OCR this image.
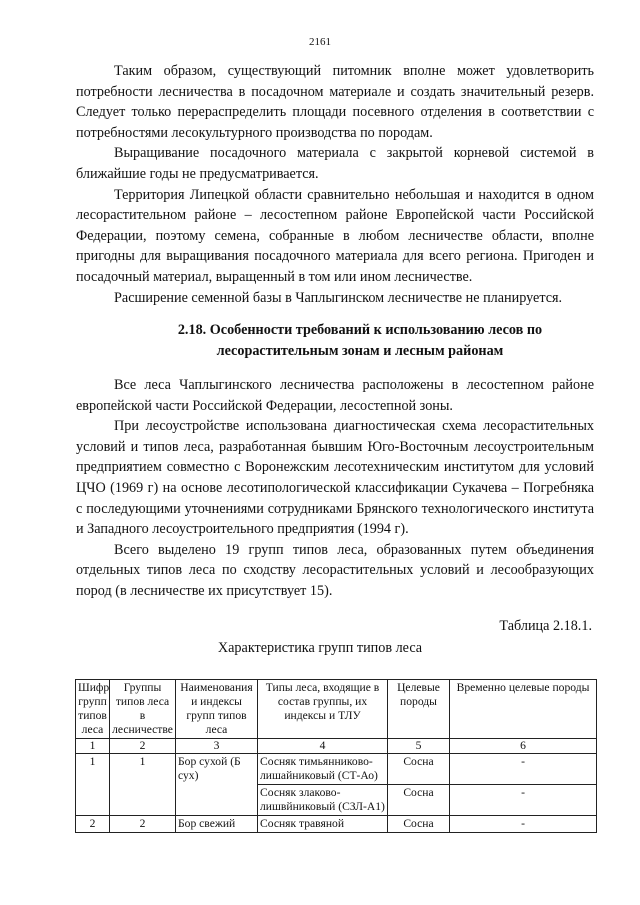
2161

Таким образом, существующий питомник вполне может удовлетворить потребности лесничества в посадочном материале и создать значительный резерв. Следует только перераспределить площади посевного отделения в соответствии с потребностями лесокультурного производства по породам.

Выращивание посадочного материала с закрытой корневой системой в ближайшие годы не предусматривается.

Территория Липецкой области сравнительно небольшая и находится в одном лесорастительном районе – лесостепном районе Европейской части Российской Федерации, поэтому семена, собранные в любом лесничестве области, вполне пригодны для выращивания посадочного материала для всего региона. Пригоден и посадочный материал, выращенный в том или ином лесничестве.

Расширение семенной базы в Чаплыгинском лесничестве не планируется.

2.18. Особенности требований к использованию лесов по лесорастительным зонам и лесным районам

Все леса Чаплыгинского лесничества расположены в лесостепном районе европейской части Российской Федерации, лесостепной зоны.

При лесоустройстве использована диагностическая схема лесорастительных условий и типов леса, разработанная бывшим Юго-Восточным лесоустроительным предприятием совместно с Воронежским лесотехническим институтом для условий ЦЧО (1969 г) на основе лесотипологической классификации Сукачева – Погребняка с последующими уточнениями сотрудниками Брянского технологического института и Западного лесоустроительного предприятия (1994 г).

Всего выделено 19 групп типов леса, образованных путем объединения отдельных типов леса по сходству лесорастительных условий и лесообразующих пород (в лесничестве их присутствует 15).

Таблица 2.18.1.
Характеристика групп типов леса
Шифр групп типов леса	Группы типов леса в лесничестве	Наименования и индексы групп типов леса	Типы леса, входящие в состав группы, их индексы и ТЛУ	Целевые породы	Временно целевые породы
1	2	3	4	5	6
1	1	Бор сухой (Б сух)	Сосняк тимьянниково-лишайниковый (СТ-Ао)	Сосна	-
			Сосняк злаково-лишвйниковый (СЗЛ-А1)	Сосна	-
2	2	Бор свежий	Сосняк травяной	Сосна	-
